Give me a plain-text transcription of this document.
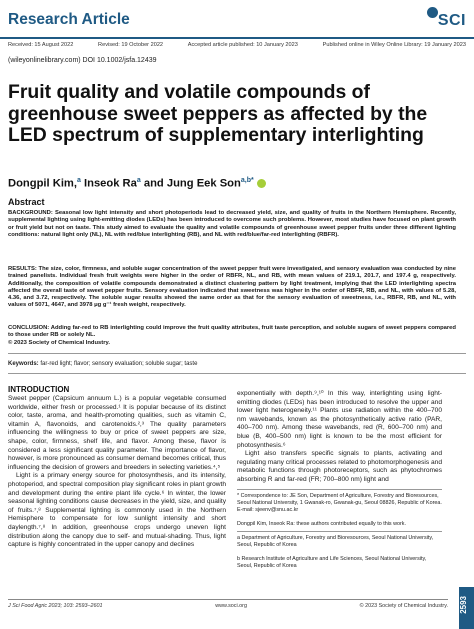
Research Article	SCI
Received: 15 August 2022	Revised: 19 October 2022	Accepted article published: 10 January 2023	Published online in Wiley Online Library: 19 January 2023
(wileyonlinelibrary.com) DOI 10.1002/jsfa.12439
Fruit quality and volatile compounds of greenhouse sweet peppers as affected by the LED spectrum of supplementary interlighting
Dongpil Kim,$^a$ Inseok Ra$^a$ and Jung Eek Son$^{a,b*}$
Abstract
BACKGROUND: Seasonal low light intensity and short photoperiods lead to decreased yield, size, and quality of fruits in the Northern Hemisphere. Recently, supplemental lighting using light-emitting diodes (LEDs) has been introduced to overcome such problems. However, most studies have focused on plant growth or fruit yield but not on taste. This study aimed to evaluate the quality and volatile compounds of greenhouse sweet pepper fruits under three different lighting conditions: natural light only (NL), NL with red/blue interlighting (RB), and NL with red/blue/far-red interlighting (RBFR).
RESULTS: The size, color, firmness, and soluble sugar concentration of the sweet pepper fruit were investigated, and sensory evaluation was conducted by nine trained panelists. Individual fresh fruit weights were higher in the order of RBFR, NL, and RB, with mean values of 219.1, 201.7, and 197.4 g, respectively. Additionally, the composition of volatile compounds demonstrated a distinct clustering pattern by light treatment, implying that the LED interlighting spectra affected the overall taste of sweet pepper fruits. Sensory evaluation indicated that sweetness was higher in the order of RBFR, RB, and NL, with values of 5.28, 4.36, and 3.72, respectively. The soluble sugar results showed the same order as that for the sensory evaluation of sweetness, i.e., RBFR, RB, and NL, with values of 5071, 4647, and 3978 μg g⁻¹ fresh weight, respectively.
CONCLUSION: Adding far-red to RB interlighting could improve the fruit quality attributes, fruit taste perception, and soluble sugars of sweet peppers compared to those under RB or solely NL.
© 2023 Society of Chemical Industry.
Keywords: far-red light; flavor; sensory evaluation; soluble sugar; taste
INTRODUCTION
Sweet pepper (Capsicum annuum L.) is a popular vegetable consumed worldwide, either fresh or processed.¹ It is popular because of its distinct color, taste, aroma, and health-promoting qualities, such as vitamin C, vitamin A, flavonoids, and carotenoids.²,³ The quality parameters influencing the willingness to buy or price of sweet peppers are size, shape, color, firmness, shelf life, and flavor. Among these, flavor is considered a less significant quality parameter. The importance of flavor, however, is more pronounced as consumer demand becomes critical, thus influencing the decision of growers and breeders in selecting varieties.⁴,⁵
Light is a primary energy source for photosynthesis, and its intensity, photoperiod, and spectral composition play significant roles in plant growth and development during the entire plant life cycle.⁶ In winter, the lower seasonal lighting conditions cause decreases in the yield, size, and quality of fruits.⁷,⁸ Supplemental lighting is commonly used in the Northern Hemisphere to compensate for low sunlight intensity and short daylength.⁷,⁸ In addition, greenhouse crops undergo uneven light distribution along the canopy due to self- and mutual-shading. Thus, light capture is highly concentrated in the upper canopy and declines
exponentially with depth.⁹,¹⁰ In this way, interlighting using light-emitting diodes (LEDs) has been introduced to resolve the upper and lower light heterogeneity.¹¹ Plants use radiation within the 400–700 nm wavebands, known as the photosynthetically active ratio (PAR, 400–700 nm). Among these wavebands, red (R, 600–700 nm) and blue (B, 400–500 nm) light is known to be the most efficient for photosynthesis.⁶
Light also transfers specific signals to plants, activating and regulating many critical processes related to photomorphogenesis and metabolic functions through photoreceptors, such as phytochromes absorbing R and far-red (FR; 700–800 nm) light and
* Correspondence to: JE Son, Department of Agriculture, Forestry and Bioresources, Seoul National University, 1 Gwanak-ro, Gwanak-gu, Seoul 08826, Republic of Korea. E-mail: sjeenv@snu.ac.kr
Dongpil Kim, Inseok Ra: these authors contributed equally to this work.
a Department of Agriculture, Forestry and Bioresources, Seoul National University, Seoul, Republic of Korea
b Research Institute of Agriculture and Life Sciences, Seoul National University, Seoul, Republic of Korea
J Sci Food Agric 2023; 103: 2593–2601	www.soci.org	© 2023 Society of Chemical Industry. 2593
